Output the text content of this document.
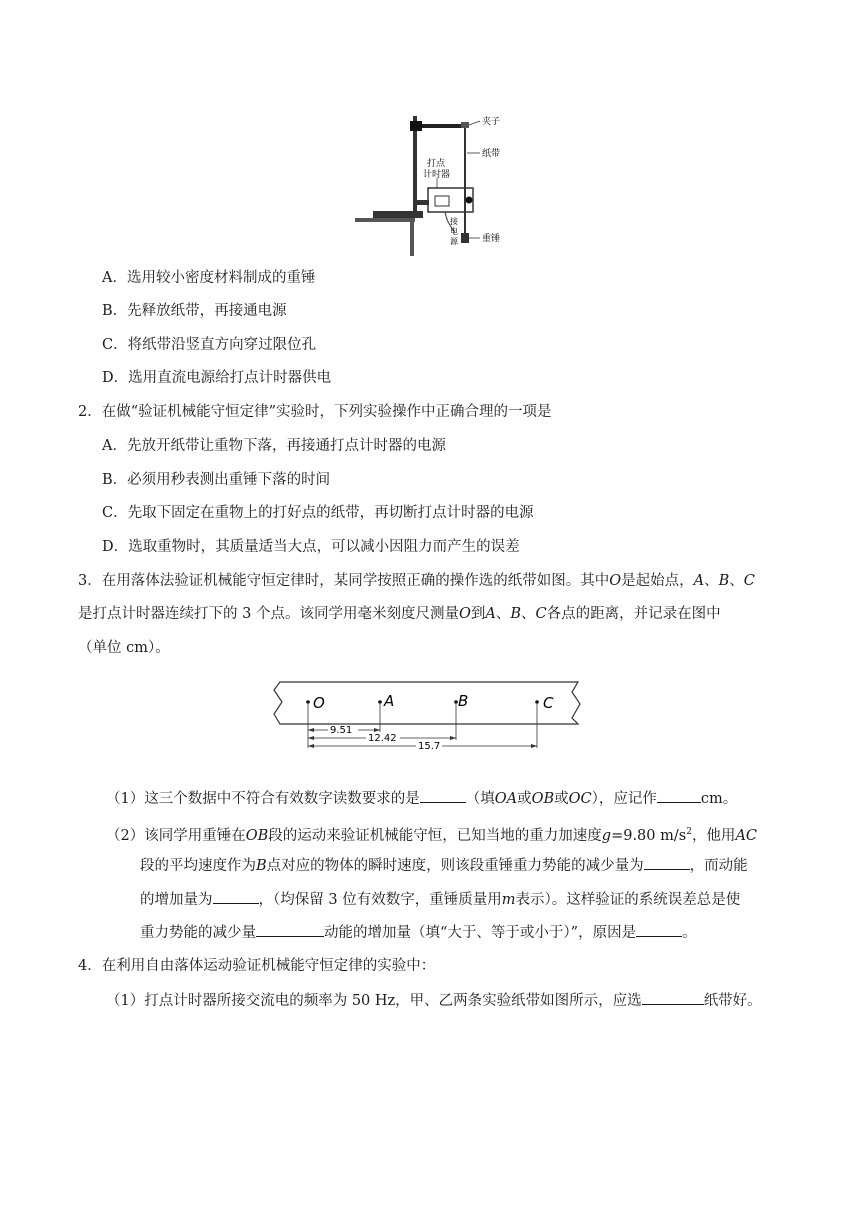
夹子
纸带
打点
计时器
接
电
源	重锤
A．选用较小密度材料制成的重锤
B．先释放纸带，再接通电源
C．将纸带沿竖直方向穿过限位孔
D．选用直流电源给打点计时器供电
2．在做“验证机械能守恒定律”实验时，下列实验操作中正确合理的一项是
A．先放开纸带让重物下落，再接通打点计时器的电源
B．必须用秒表测出重锤下落的时间
C．先取下固定在重物上的打好点的纸带，再切断打点计时器的电源
D．选取重物时，其质量适当大点，可以减小因阻力而产生的误差
3．在用落体法验证机械能守恒定律时，某同学按照正确的操作选的纸带如图。其中O是起始点，A、B、C
是打点计时器连续打下的 3 个点。该同学用毫米刻度尺测量O到A、B、C各点的距离，并记录在图中
（单位 cm）。
O	A	B	C
9.51
12.42
15.7
（1）这三个数据中不符合有效数字读数要求的是	（填OA或OB或OC），应记作	cm。
（2）该同学用重锤在OB段的运动来验证机械能守恒，已知当地的重力加速度g=9.80 $m/s^2$，他用AC
段的平均速度作为B点对应的物体的瞬时速度，则该段重锤重力势能的减少量为	，而动能
的增加量为	，（均保留 3 位有效数字，重锤质量用m表示）。这样验证的系统误差总是使
重力势能的减少量	动能的增加量（填“大于、等于或小于）”，原因是	。
4．在利用自由落体运动验证机械能守恒定律的实验中：
（1）打点计时器所接交流电的频率为 50 Hz，甲、乙两条实验纸带如图所示，应选	纸带好。
